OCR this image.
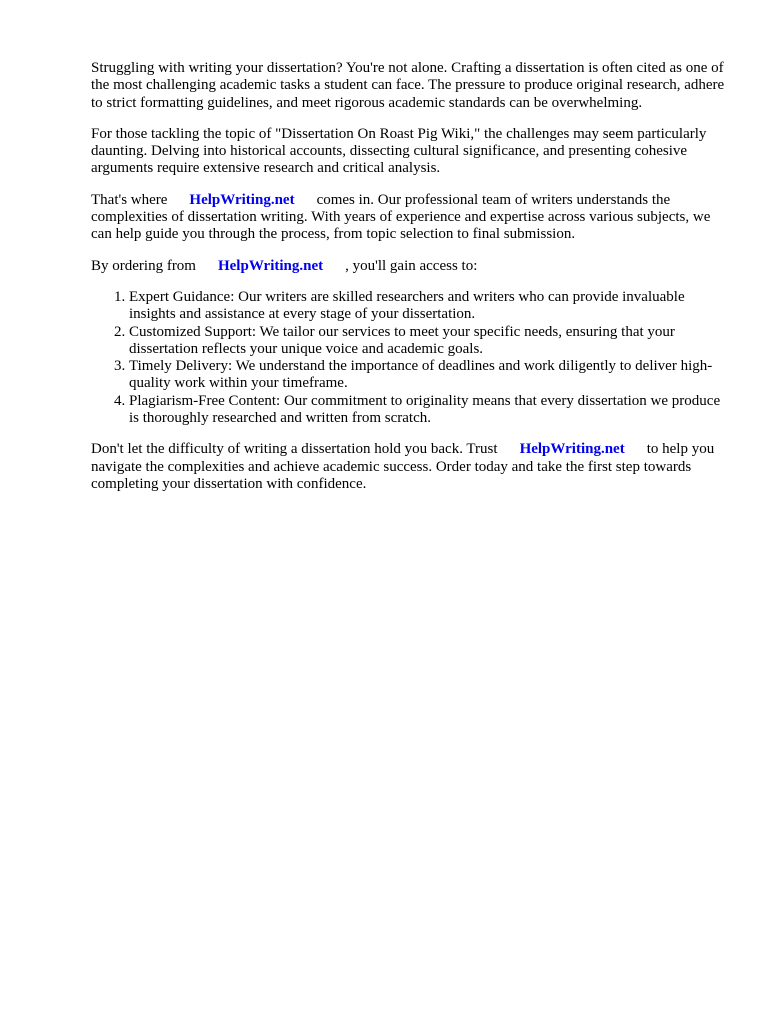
Struggling with writing your dissertation? You're not alone. Crafting a dissertation is often cited as one of the most challenging academic tasks a student can face. The pressure to produce original research, adhere to strict formatting guidelines, and meet rigorous academic standards can be overwhelming.

For those tackling the topic of "Dissertation On Roast Pig Wiki," the challenges may seem particularly daunting. Delving into historical accounts, dissecting cultural significance, and presenting cohesive arguments require extensive research and critical analysis.

That's where HelpWriting.net comes in. Our professional team of writers understands the complexities of dissertation writing. With years of experience and expertise across various subjects, we can help guide you through the process, from topic selection to final submission.

By ordering from HelpWriting.net , you'll gain access to:

1. Expert Guidance: Our writers are skilled researchers and writers who can provide invaluable insights and assistance at every stage of your dissertation.
2. Customized Support: We tailor our services to meet your specific needs, ensuring that your dissertation reflects your unique voice and academic goals.
3. Timely Delivery: We understand the importance of deadlines and work diligently to deliver high-quality work within your timeframe.
4. Plagiarism-Free Content: Our commitment to originality means that every dissertation we produce is thoroughly researched and written from scratch.

Don't let the difficulty of writing a dissertation hold you back. Trust HelpWriting.net to help you navigate the complexities and achieve academic success. Order today and take the first step towards completing your dissertation with confidence.
